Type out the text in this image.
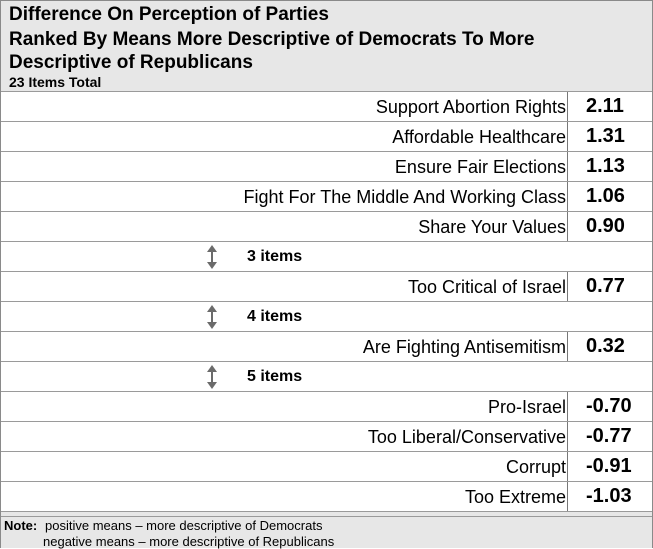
Difference On Perception of Parties
Ranked By Means More Descriptive of Democrats To More Descriptive of Republicans
23 Items Total
Support Abortion Rights	2.11
Affordable Healthcare	1.31
Ensure Fair Elections	1.13
Fight For The Middle And Working Class	1.06
Share Your Values	0.90
3 items
Too Critical of Israel	0.77
4 items
Are Fighting Antisemitism	0.32
5 items
Pro-Israel	-0.70
Too Liberal/Conservative	-0.77
Corrupt	-0.91
Too Extreme	-1.03
Note: positive means – more descriptive of Democrats
negative means – more descriptive of Republicans
